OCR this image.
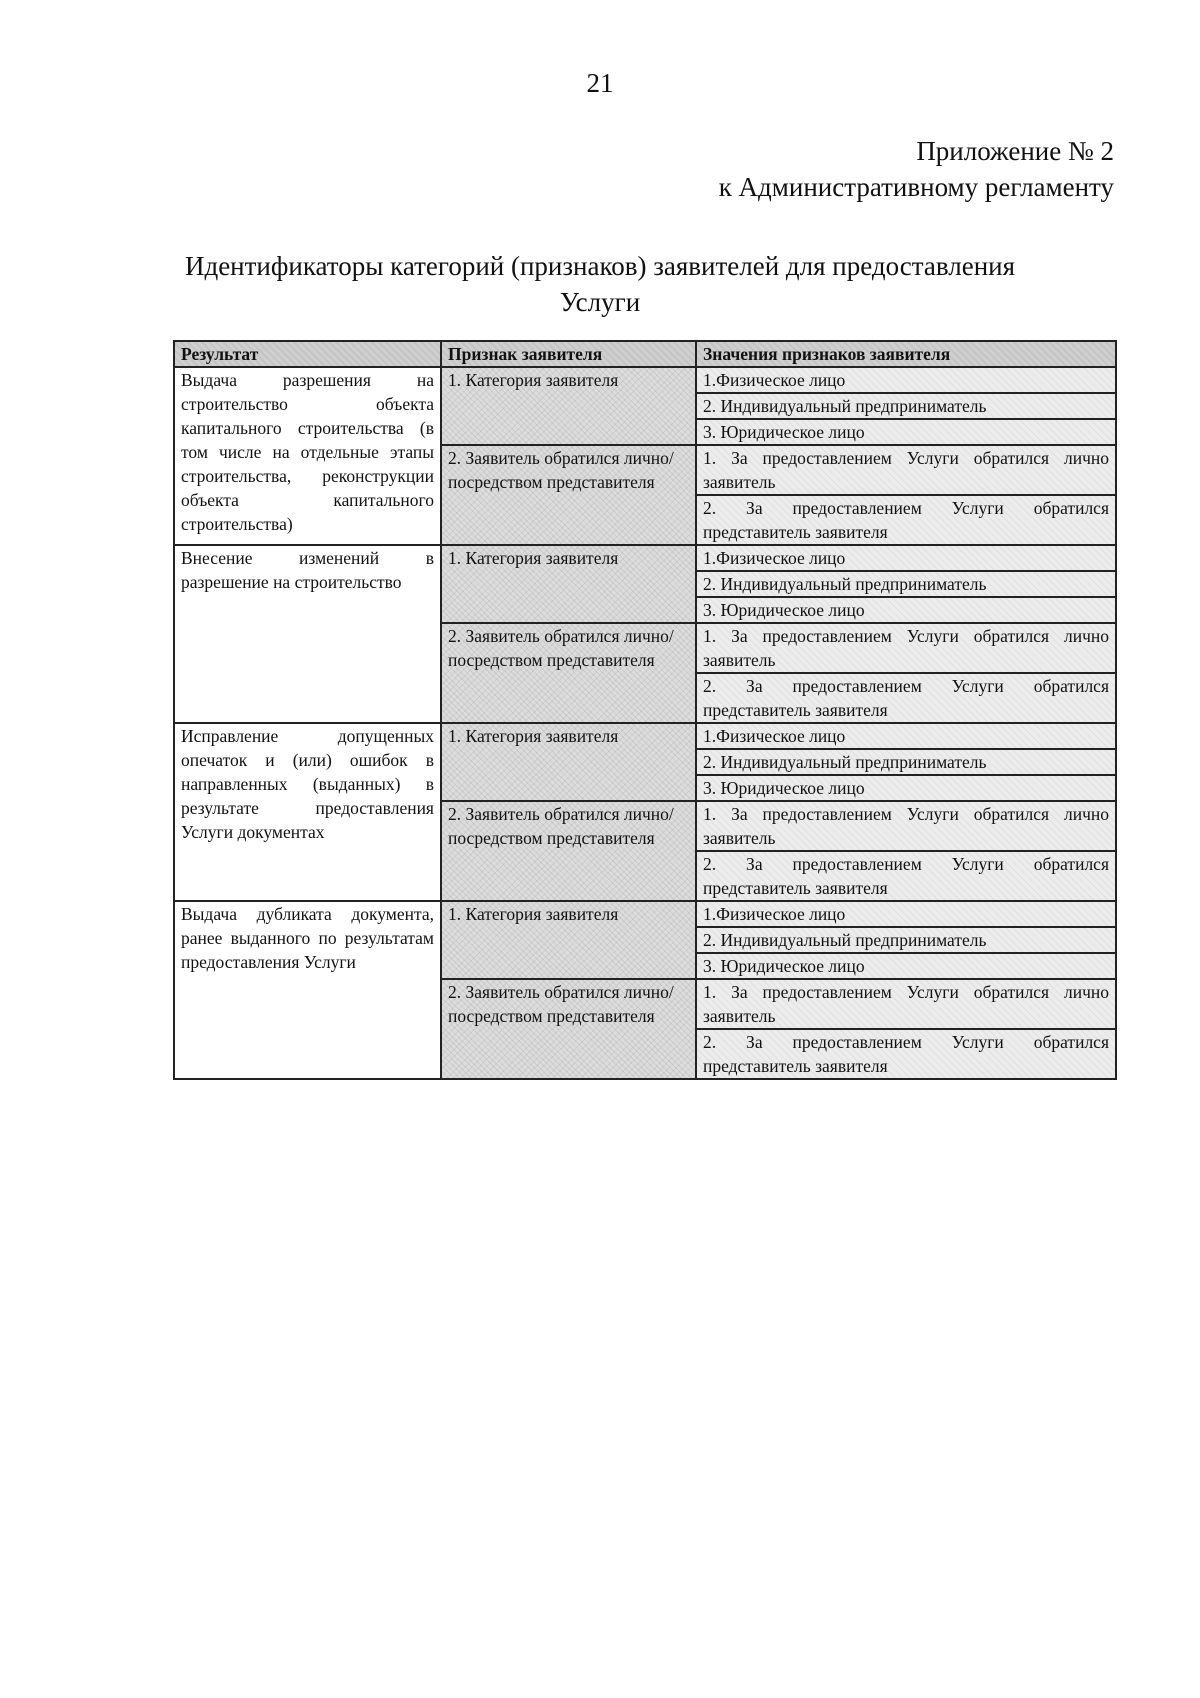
21
Приложение № 2
к Административному регламенту
Идентификаторы категорий (признаков) заявителей для предоставления
Услуги
Результат	Признак заявителя	Значения признаков заявителя
Выдача разрешения на строительство объекта капитального строительства (в том числе на отдельные этапы строительства, реконструкции объекта капитального строительства)	1. Категория заявителя	1.Физическое лицо
		2. Индивидуальный предприниматель
		3. Юридическое лицо
	2. Заявитель обратился лично/посредством представителя	1. За предоставлением Услуги обратился лично заявитель
		2. За предоставлением Услуги обратился представитель заявителя
Внесение изменений в разрешение на строительство	1. Категория заявителя	1.Физическое лицо
		2. Индивидуальный предприниматель
		3. Юридическое лицо
	2. Заявитель обратился лично/посредством представителя	1. За предоставлением Услуги обратился лично заявитель
		2. За предоставлением Услуги обратился представитель заявителя
Исправление допущенных опечаток и (или) ошибок в направленных (выданных) в результате предоставления Услуги документах	1. Категория заявителя	1.Физическое лицо
		2. Индивидуальный предприниматель
		3. Юридическое лицо
	2. Заявитель обратился лично/посредством представителя	1. За предоставлением Услуги обратился лично заявитель
		2. За предоставлением Услуги обратился представитель заявителя
Выдача дубликата документа, ранее выданного по результатам предоставления Услуги	1. Категория заявителя	1.Физическое лицо
		2. Индивидуальный предприниматель
		3. Юридическое лицо
	2. Заявитель обратился лично/посредством представителя	1. За предоставлением Услуги обратился лично заявитель
		2. За предоставлением Услуги обратился представитель заявителя
